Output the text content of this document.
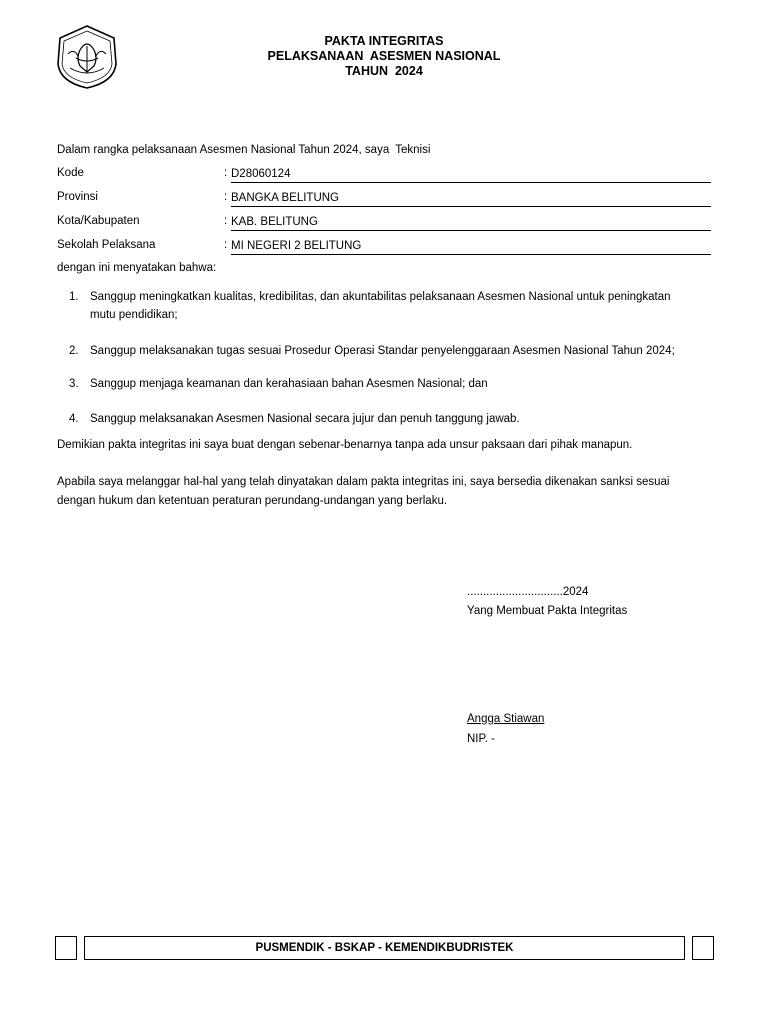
PAKTA INTEGRITAS
PELAKSANAAN  ASESMEN NASIONAL
TAHUN  2024
Dalam rangka pelaksanaan Asesmen Nasional Tahun 2024, saya Teknisi
Kode	: D28060124
Provinsi	: BANGKA BELITUNG
Kota/Kabupaten	: KAB. BELITUNG
Sekolah Pelaksana	: MI NEGERI 2 BELITUNG
dengan ini menyatakan bahwa:
1. Sanggup meningkatkan kualitas, kredibilitas, dan akuntabilitas pelaksanaan Asesmen Nasional untuk peningkatan mutu pendidikan;
2. Sanggup melaksanakan tugas sesuai Prosedur Operasi Standar penyelenggaraan Asesmen Nasional Tahun 2024;
3. Sanggup menjaga keamanan dan kerahasiaan bahan Asesmen Nasional; dan
4. Sanggup melaksanakan Asesmen Nasional secara jujur dan penuh tanggung jawab.
Demikian pakta integritas ini saya buat dengan sebenar-benarnya tanpa ada unsur paksaan dari pihak manapun.
Apabila saya melanggar hal-hal yang telah dinyatakan dalam pakta integritas ini, saya bersedia dikenakan sanksi sesuai dengan hukum dan ketentuan peraturan perundang-undangan yang berlaku.
..............................2024
Yang Membuat Pakta Integritas
Angga Stiawan
NIP. -
PUSMENDIK - BSKAP - KEMENDIKBUDRISTEK
